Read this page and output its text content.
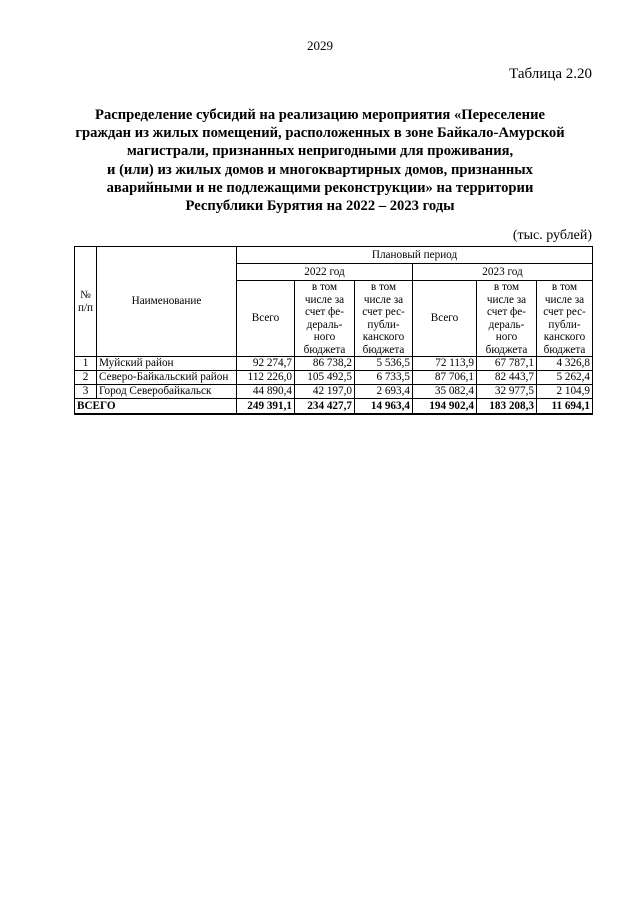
2029
Таблица 2.20

Распределение субсидий на реализацию мероприятия «Переселение
граждан из жилых помещений, расположенных в зоне Байкало-Амурской
магистрали, признанных непригодными для проживания,
и (или) из жилых домов и многоквартирных домов, признанных
аварийными и не подлежащими реконструкции» на территории
Республики Бурятия на 2022 – 2023 годы

(тыс. рублей)
№ п/п	Наименование	Плановый период					
		2022 год			2023 год		
		Всего	в том числе за счет фе-дераль-ного бюджета	в том числе за счет рес-публи-канского бюджета	Всего	в том числе за счет фе-дераль-ного бюджета	в том числе за счет рес-публи-канского бюджета
1	Муйский район	92 274,7	86 738,2	5 536,5	72 113,9	67 787,1	4 326,8
2	Северо-Байкальский район	112 226,0	105 492,5	6 733,5	87 706,1	82 443,7	5 262,4
3	Город Северобайкальск	44 890,4	42 197,0	2 693,4	35 082,4	32 977,5	2 104,9
ВСЕГО		249 391,1	234 427,7	14 963,4	194 902,4	183 208,3	11 694,1
